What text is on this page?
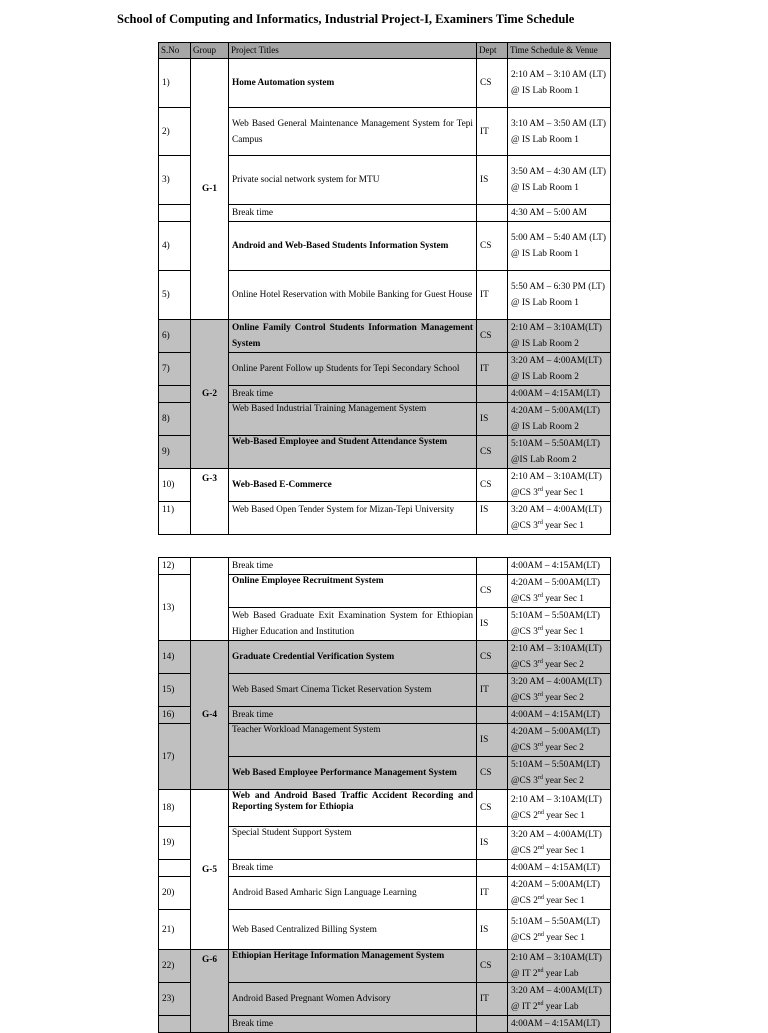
School of Computing and Informatics, Industrial Project-I, Examiners Time Schedule
S.No	Group	Project Titles	Dept	Time Schedule & Venue
1)	G-1	Home Automation system	CS	2:10 AM – 3:10 AM (LT)
@ IS Lab Room 1

2)		Web Based General Maintenance Management System for Tepi Campus	IT	3:10 AM – 3:50 AM (LT)
@ IS Lab Room 1

3)		Private social network system for MTU	IS	3:50 AM – 4:30 AM (LT)
@ IS Lab Room 1

		Break time		4:30 AM – 5:00 AM
4)		Android and Web-Based Students Information System	CS	5:00 AM – 5:40 AM (LT)
@ IS Lab Room 1

5)		Online Hotel Reservation with Mobile Banking for Guest House	IT	5:50 AM – 6:30 PM (LT)
@ IS Lab Room 1

6)	G-2	Online Family Control Students Information Management System	CS	2:10 AM – 3:10AM(LT)
@ IS Lab Room 2

7)		Online Parent Follow up Students for Tepi Secondary School	IT	3:20 AM – 4:00AM(LT)
@ IS Lab Room 2

		Break time		4:00AM – 4:15AM(LT)
8)		Web Based Industrial Training Management System	IS	4:20AM – 5:00AM(LT)
@ IS Lab Room 2

9)		Web-Based Employee and Student Attendance System	CS	5:10AM – 5:50AM(LT)
@IS Lab Room 2

10)	G-3	Web-Based E-Commerce	CS	2:10 AM – 3:10AM(LT)
@CS 3rd year Sec 1

11)		Web Based Open Tender System for Mizan-Tepi University	IS	3:20 AM – 4:00AM(LT)
@CS 3rd year Sec 1
12)		Break time		4:00AM – 4:15AM(LT)
13)		Online Employee Recruitment System	CS	4:20AM – 5:00AM(LT)
@CS 3rd year Sec 1

		Web Based Graduate Exit Examination System for Ethiopian Higher Education and Institution	IS	5:10AM – 5:50AM(LT)
@CS 3rd year Sec 1

14)	G-4	Graduate Credential Verification System	CS	2:10 AM – 3:10AM(LT)
@CS 3rd year Sec 2

15)		Web Based Smart Cinema Ticket Reservation System	IT	3:20 AM – 4:00AM(LT)
@CS 3rd year Sec 2

16)		Break time		4:00AM – 4:15AM(LT)
17)		Teacher Workload Management System	IS	4:20AM – 5:00AM(LT)
@CS 3rd year Sec 2

		Web Based Employee Performance Management System	CS	5:10AM – 5:50AM(LT)
@CS 3rd year Sec 2

18)	G-5	Web and Android Based Traffic Accident Recording and Reporting System for Ethiopia	CS	2:10 AM – 3:10AM(LT)
@CS 2nd year Sec 1

19)		Special Student Support System	IS	3:20 AM – 4:00AM(LT)
@CS 2nd year Sec 1

		Break time		4:00AM – 4:15AM(LT)
20)		Android Based Amharic Sign Language Learning	IT	4:20AM – 5:00AM(LT)
@CS 2nd year Sec 1

21)		Web Based Centralized Billing System	IS	5:10AM – 5:50AM(LT)
@CS 2nd year Sec 1

22)	G-6	Ethiopian Heritage Information Management System	CS	2:10 AM – 3:10AM(LT)
@ IT 2nd year Lab

23)		Android Based Pregnant Women Advisory	IT	3:20 AM – 4:00AM(LT)
@ IT 2nd year Lab

		Break time		4:00AM – 4:15AM(LT)
